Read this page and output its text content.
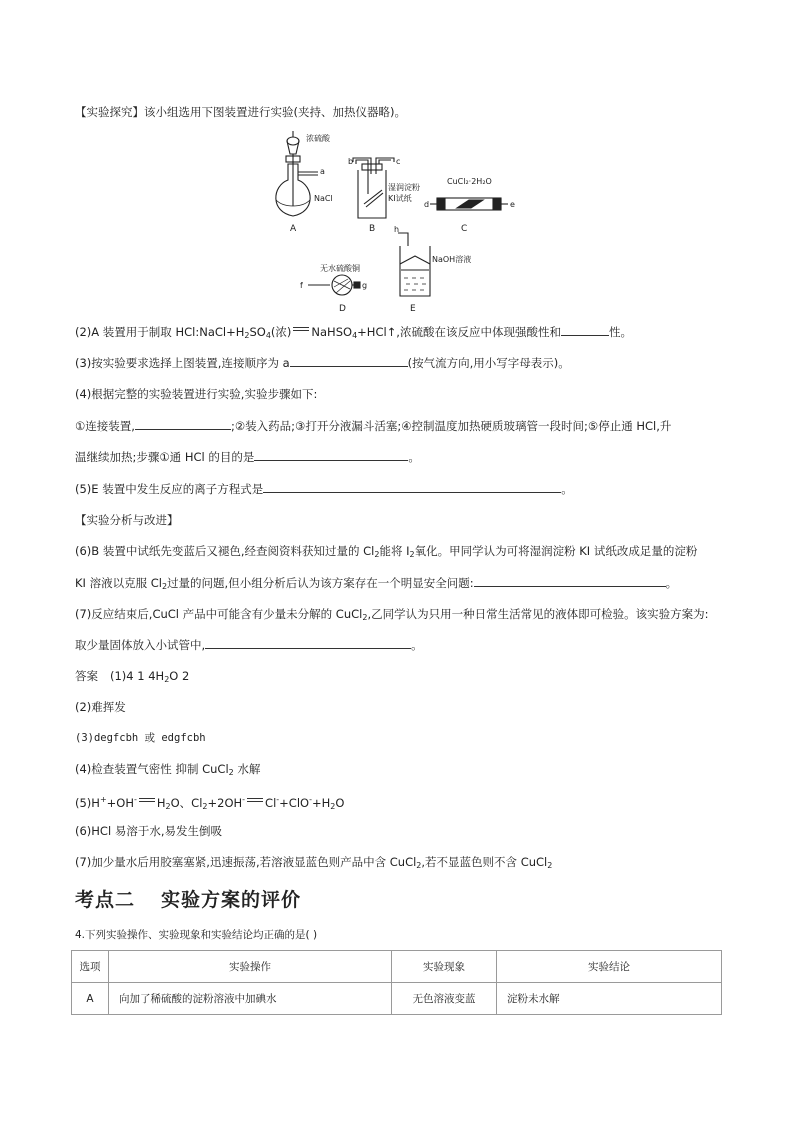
【实验探究】该小组选用下图装置进行实验(夹持、加热仪器略)。
浓硫酸
a
NaCl
A
b	c
湿润淀粉
KI试纸
B
CuCl₂·2H₂O
d	e
C
无水硫酸铜
f	g
D
h
NaOH溶液
E
(2)A 装置用于制取 $HCl:NaCl+H_2SO_4$(浓) NaHSO$_4$+HCl↑,浓硫酸在该反应中体现强酸性和	性。
(3)按实验要求选择上图装置,连接顺序为 a	(按气流方向,用小写字母表示)。
(4)根据完整的实验装置进行实验,实验步骤如下:
①连接装置,	;②装入药品;③打开分液漏斗活塞;④控制温度加热硬质玻璃管一段时间;⑤停止通 HCl,升
温继续加热;步骤①通 HCl 的目的是	。
(5)E 装置中发生反应的离子方程式是	。
【实验分析与改进】
(6)B 装置中试纸先变蓝后又褪色,经查阅资料获知过量的 $Cl_2$能将 $I_2$氧化。甲同学认为可将湿润淀粉 KI 试纸改成足量的淀粉
KI 溶液以克服 $Cl_2$过量的问题,但小组分析后认为该方案存在一个明显安全问题:	。
(7)反应结束后,CuCl 产品中可能含有少量未分解的 CuCl$_2$,乙同学认为只用一种日常生活常见的液体即可检验。该实验方案为:
取少量固体放入小试管中,	。
答案 (1)4 1 $4H_2O$ 2
(2)难挥发
(3)degfcbh 或 edgfcbh
(4)检查装置气密性 抑制 CuCl$_2$ 水解
(5)H++OH- $H_2O$、$Cl_2+2OH^-$ $Cl^-+ClO^-+H_2O$
(6)HCl 易溶于水,易发生倒吸
(7)加少量水后用胶塞塞紧,迅速振荡,若溶液显蓝色则产品中含 CuCl$_2$,若不显蓝色则不含 CuCl$_2$
考点二 实验方案的评价
4.下列实验操作、实验现象和实验结论均正确的是( )
选项	实验操作	实验现象	实验结论
A	向加了稀硫酸的淀粉溶液中加碘水	无色溶液变蓝	淀粉未水解
